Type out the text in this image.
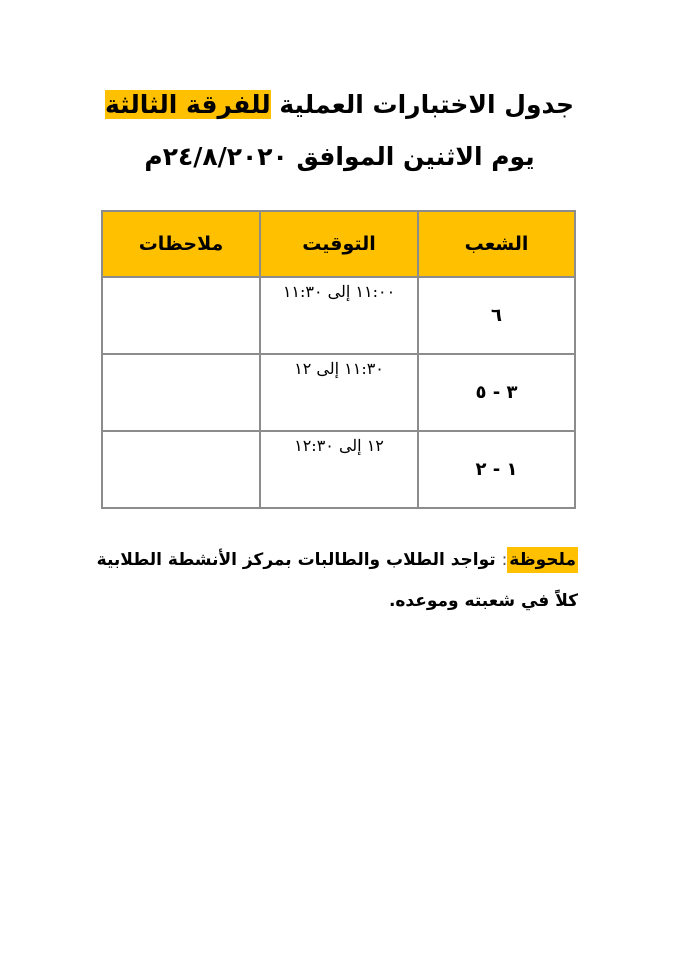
جدول الاختبارات العملية للفرقة الثالثة
يوم الاثنين الموافق ٢٤/٨/٢٠٢٠م
الشعب	التوقيت	ملاحظات
٦	١١:٠٠ إلى ١١:٣٠	
٣ - ٥	١١:٣٠ إلى ١٢	
١ - ٢	١٢ إلى ١٢:٣٠	
ملحوظة: تواجد الطلاب والطالبات بمركز الأنشطة الطلابية
كلاً في شعبته وموعده.
